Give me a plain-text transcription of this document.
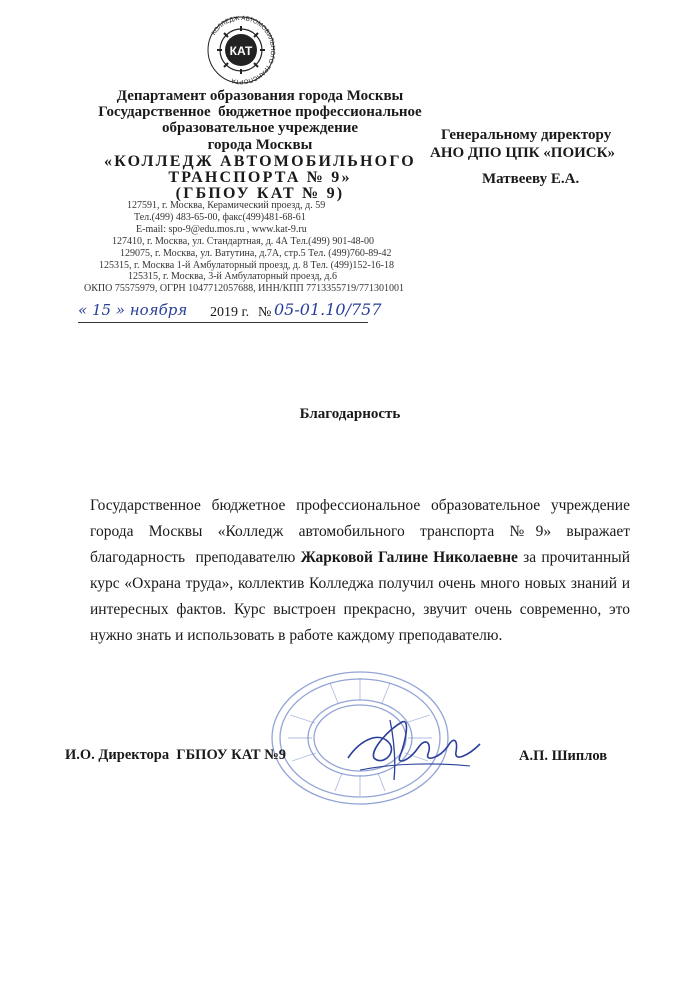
КАТ
КОЛЛЕДЖ АВТОМОБИЛЬНОГО ТРАНСПОРТА
Департамент образования города Москвы
Государственное  бюджетное профессиональное
образовательное учреждение
города Москвы
«КОЛЛЕДЖ АВТОМОБИЛЬНОГО
ТРАНСПОРТА № 9»
(ГБПОУ КАТ № 9)
127591, г. Москва, Керамический проезд, д. 59
Тел.(499) 483-65-00, факс(499)481-68-61
E-mail: spo-9@edu.mos.ru , www.kat-9.ru
127410, г. Москва, ул. Стандартная, д. 4А Тел.(499) 901-48-00
129075, г. Москва, ул. Ватутина, д.7А, стр.5 Тел. (499)760-89-42
125315, г. Москва 1-й Амбулаторный проезд, д. 8 Тел. (499)152-16-18
125315, г. Москва, 3-й Амбулаторный проезд, д.6
ОКПО 75575979, ОГРН 1047712057688, ИНН/КПП 7713355719/771301001
« 15 » ноября 2019 г. № 05-01.10/757
Генеральному директору
АНО ДПО ЦПК «ПОИСК»
Матвееву Е.А.
Благодарность
Государственное бюджетное профессиональное образовательное учреждение города Москвы «Колледж автомобильного транспорта №9» выражает благодарность  преподавателю Жарковой Галине Николаевне за прочитанный курс «Охрана труда», коллектив Колледжа получил очень много новых знаний и интересных фактов. Курс выстроен прекрасно, звучит очень современно, это нужно знать и использовать в работе каждому преподавателю.
И.О. Директора  ГБПОУ КАТ №9	А.П. Шиплов
